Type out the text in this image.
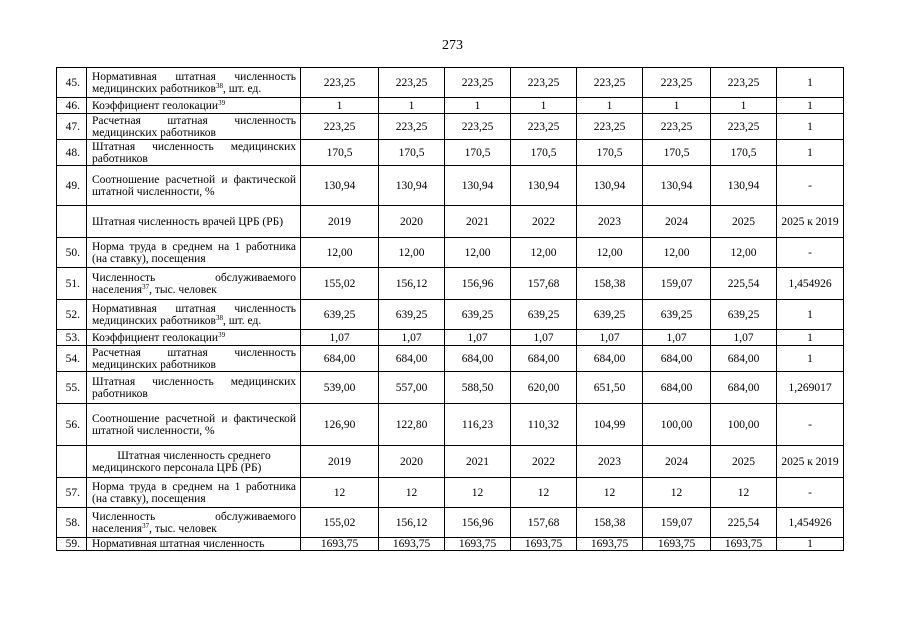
273
45.	Нормативная штатная численность медицинских работников$^{38}$, шт. ед.	223,25	223,25	223,25	223,25	223,25	223,25	223,25	1
46.	Коэффициент геолокации$^{39}$	1	1	1	1	1	1	1	1
47.	Расчетная штатная численность медицинских работников	223,25	223,25	223,25	223,25	223,25	223,25	223,25	1
48.	Штатная численность медицинских работников	170,5	170,5	170,5	170,5	170,5	170,5	170,5	1
49.	Соотношение расчетной и фактической штатной численности, %	130,94	130,94	130,94	130,94	130,94	130,94	130,94	-
	Штатная численность врачей ЦРБ (РБ)	2019	2020	2021	2022	2023	2024	2025	2025 к 2019
50.	Норма труда в среднем на 1 работника (на ставку), посещения	12,00	12,00	12,00	12,00	12,00	12,00	12,00	-
51.	Численность обслуживаемого населения$^{37}$, тыс. человек	155,02	156,12	156,96	157,68	158,38	159,07	225,54	1,454926
52.	Нормативная штатная численность медицинских работников$^{38}$, шт. ед.	639,25	639,25	639,25	639,25	639,25	639,25	639,25	1
53.	Коэффициент геолокации$^{39}$	1,07	1,07	1,07	1,07	1,07	1,07	1,07	1
54.	Расчетная штатная численность медицинских работников	684,00	684,00	684,00	684,00	684,00	684,00	684,00	1
55.	Штатная численность медицинских работников	539,00	557,00	588,50	620,00	651,50	684,00	684,00	1,269017
56.	Соотношение расчетной и фактической штатной численности, %	126,90	122,80	116,23	110,32	104,99	100,00	100,00	-
	Штатная численность среднего медицинского персонала ЦРБ (РБ)	2019	2020	2021	2022	2023	2024	2025	2025 к 2019
57.	Норма труда в среднем на 1 работника (на ставку), посещения	12	12	12	12	12	12	12	-
58.	Численность обслуживаемого населения$^{37}$, тыс. человек	155,02	156,12	156,96	157,68	158,38	159,07	225,54	1,454926
59.	Нормативная штатная численность	1693,75	1693,75	1693,75	1693,75	1693,75	1693,75	1693,75	1
